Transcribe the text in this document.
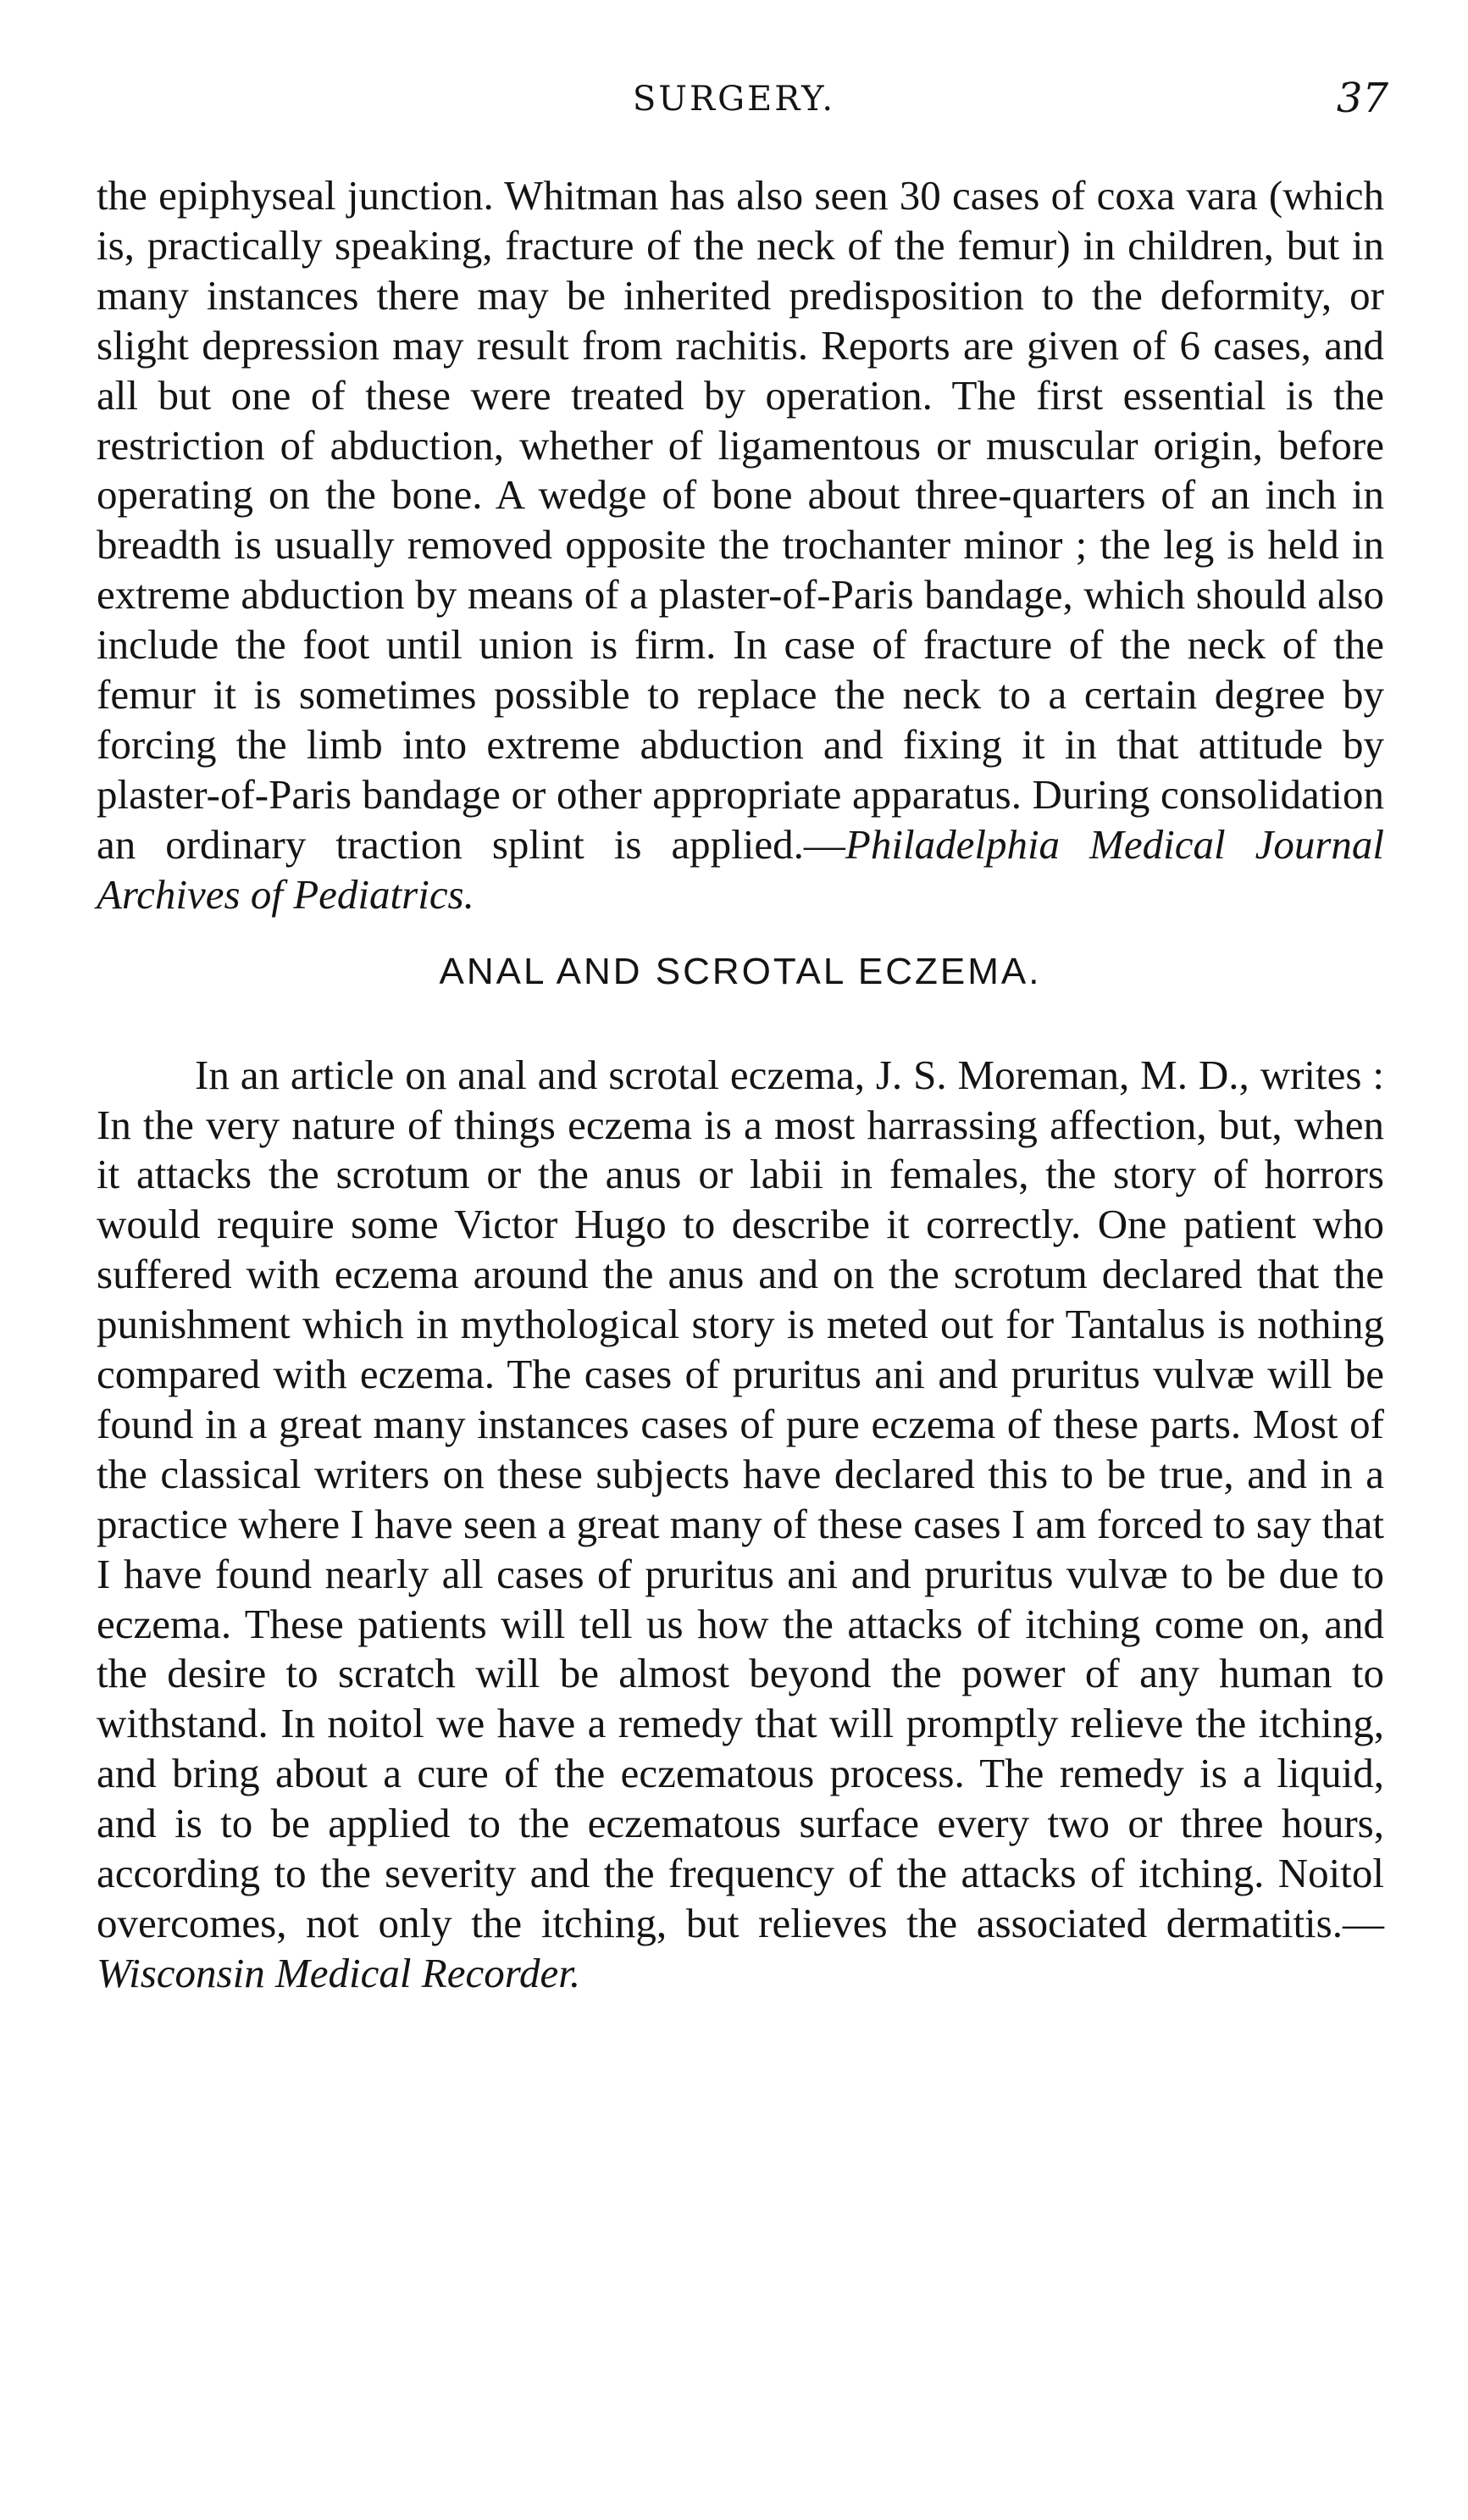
SURGERY.	37

the epiphyseal junction. Whitman has also seen 30 cases of coxa vara (which is, practically speaking, fracture of the neck of the femur) in children, but in many instances there may be inherited predisposition to the deformity, or slight depression may result from rachitis. Reports are given of 6 cases, and all but one of these were treated by operation. The first essential is the restriction of abduction, whether of ligamentous or muscular origin, before operating on the bone. A wedge of bone about three-quarters of an inch in breadth is usually removed opposite the trochanter minor ; the leg is held in extreme abduction by means of a plaster-of-Paris bandage, which should also include the foot until union is firm. In case of fracture of the neck of the femur it is sometimes possible to replace the neck to a certain degree by forcing the limb into extreme abduction and fixing it in that attitude by plaster-of-Paris bandage or other appropriate apparatus. During consolidation an ordinary traction splint is applied.—Philadelphia Medical Journal Archives of Pediatrics.

ANAL AND SCROTAL ECZEMA.

In an article on anal and scrotal eczema, J. S. Moreman, M. D., writes : In the very nature of things eczema is a most harrassing affection, but, when it attacks the scrotum or the anus or labii in females, the story of horrors would require some Victor Hugo to describe it correctly. One patient who suffered with eczema around the anus and on the scrotum declared that the punishment which in mythological story is meted out for Tantalus is nothing compared with eczema. The cases of pruritus ani and pruritus vulvæ will be found in a great many instances cases of pure eczema of these parts. Most of the classical writers on these subjects have declared this to be true, and in a practice where I have seen a great many of these cases I am forced to say that I have found nearly all cases of pruritus ani and pruritus vulvæ to be due to eczema. These patients will tell us how the attacks of itching come on, and the desire to scratch will be almost beyond the power of any human to withstand. In noitol we have a remedy that will promptly relieve the itching, and bring about a cure of the eczematous process. The remedy is a liquid, and is to be applied to the eczematous surface every two or three hours, according to the severity and the frequency of the attacks of itching. Noitol overcomes, not only the itching, but relieves the associated dermatitis.—Wisconsin Medical Recorder.
